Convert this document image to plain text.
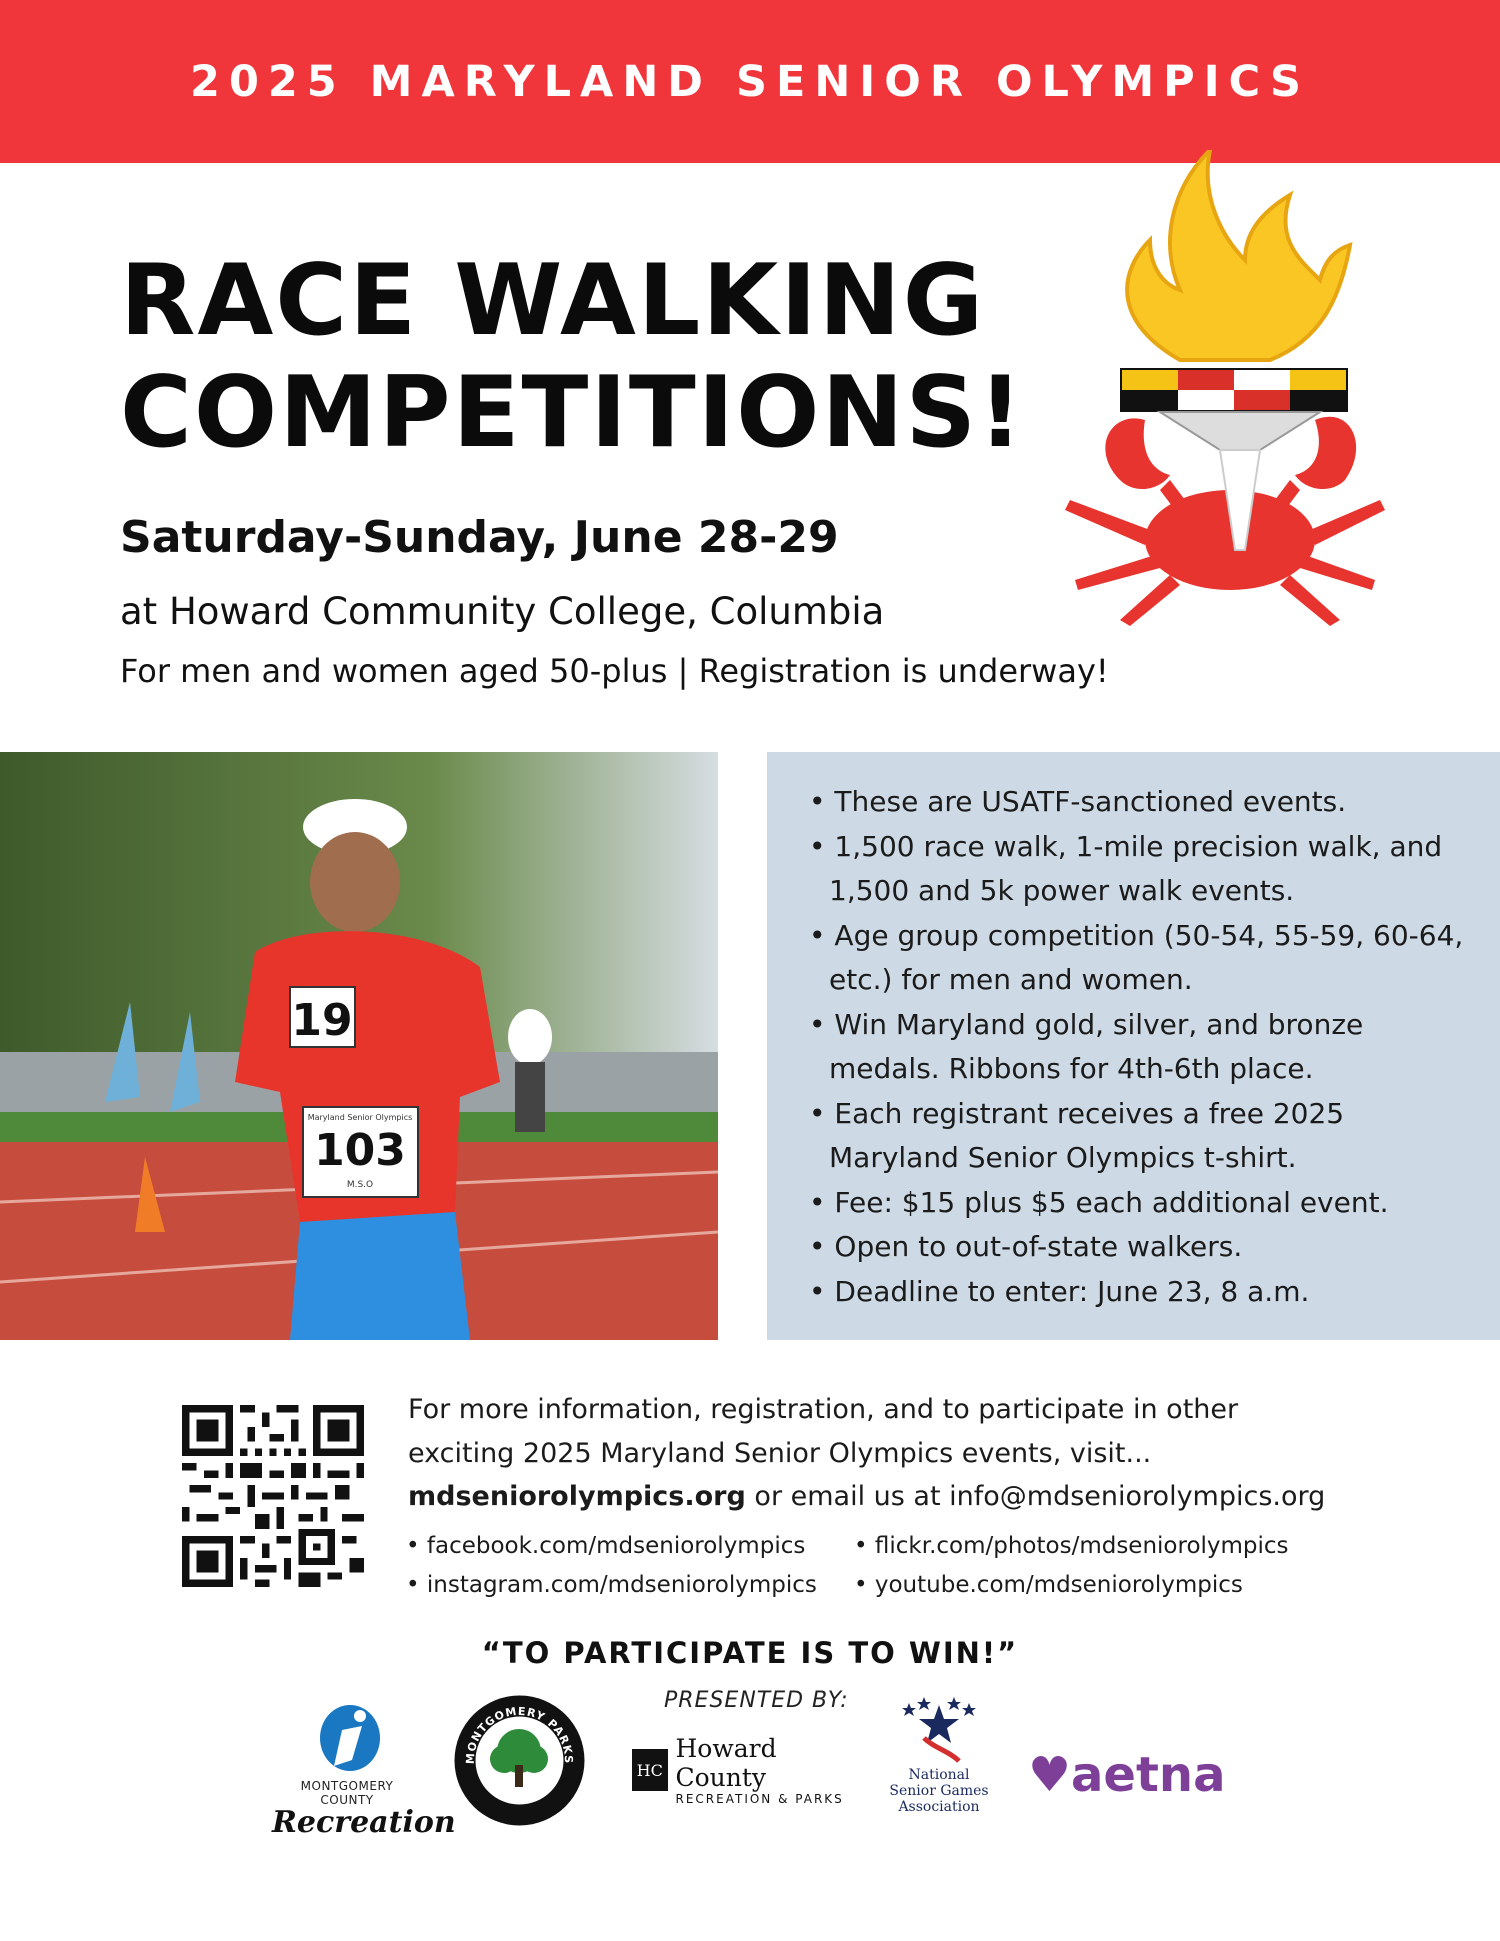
2025 MARYLAND SENIOR OLYMPICS
RACE WALKING
COMPETITIONS!
Saturday-Sunday, June 28-29
at Howard Community College, Columbia
For men and women aged 50-plus | Registration is underway!
19
Maryland Senior Olympics
103
M.S.O
• These are USATF-sanctioned events.
• 1,500 race walk, 1-mile precision walk, and 1,500 and 5k power walk events.
• Age group competition (50-54, 55-59, 60-64, etc.) for men and women.
• Win Maryland gold, silver, and bronze medals. Ribbons for 4th-6th place.
• Each registrant receives a free 2025 Maryland Senior Olympics t-shirt.
• Fee: $15 plus $5 each additional event.
• Open to out-of-state walkers.
• Deadline to enter: June 23, 8 a.m.
For more information, registration, and to participate in other exciting 2025 Maryland Senior Olympics events, visit...
mdseniorolympics.org or email us at info@mdseniorolympics.org
• facebook.com/mdseniorolympics	• flickr.com/photos/mdseniorolympics
• instagram.com/mdseniorolympics	• youtube.com/mdseniorolympics
“TO PARTICIPATE IS TO WIN!”
PRESENTED BY:
MONTGOMERY COUNTY
Recreation
MONTGOMERY PARKS
M-NCPPC
HC
Howard County
RECREATION & PARKS
National
Senior Games
Association
♥aetna
